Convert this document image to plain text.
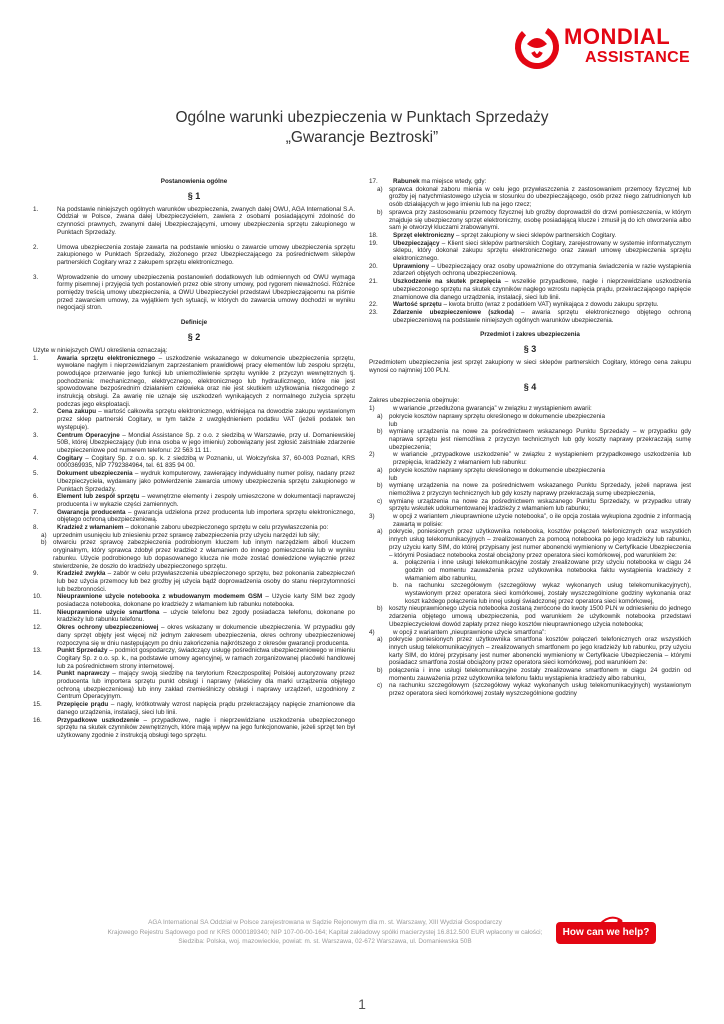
MONDIAL
ASSISTANCE
Ogólne warunki ubezpieczenia w Punktach Sprzedaży
„Gwarancje Beztroski”

Postanowienia ogólne

§ 1

1.	Na podstawie niniejszych ogólnych warunków ubezpieczenia, zwanych dalej OWU, AGA International S.A. Oddział w Polsce, zwana dalej Ubezpieczycielem, zawiera z osobami posiadającymi zdolność do czynności prawnych, zwanymi dalej Ubezpieczającymi, umowy ubezpieczenia sprzętu zakupionego w Punktach Sprzedaży.

2.	Umowa ubezpieczenia zostaje zawarta na podstawie wniosku o zawarcie umowy ubezpieczenia sprzętu zakupionego w Punktach Sprzedaży, złożonego przez Ubezpieczającego za pośrednictwem sklepów partnerskich Cogitary wraz z zakupem sprzętu elektronicznego.

3.	Wprowadzenie do umowy ubezpieczenia postanowień dodatkowych lub odmiennych od OWU wymaga formy pisemnej i przyjęcia tych postanowień przez obie strony umowy, pod rygorem nieważności. Różnice pomiędzy treścią umowy ubezpieczenia, a OWU Ubezpieczyciel przedstawi Ubezpieczającemu na piśmie przed zawarciem umowy, za wyjątkiem tych sytuacji, w których do zawarcia umowy dochodzi w wyniku negocjacji stron.

Definicje

§ 2

Użyte w niniejszych OWU określenia oznaczają:

1.	Awaria sprzętu elektronicznego – uszkodzenie wskazanego w dokumencie ubezpieczenia sprzętu, wywołane nagłym i nieprzewidzianym zaprzestaniem prawidłowej pracy elementów lub zespołu sprzętu, powodujące przerwanie jego funkcji lub uniemożliwienie sprzętu wynikłe z przyczyn wewnętrznych tj. pochodzenia: mechanicznego, elektrycznego, elektronicznego lub hydraulicznego, które nie jest spowodowane bezpośrednim działaniem człowieka oraz nie jest skutkiem użytkowania niezgodnego z instrukcją obsługi. Za awarię nie uznaje się uszkodzeń wynikających z normalnego zużycia sprzętu podczas jego eksploatacji.

2.	Cena zakupu – wartość całkowita sprzętu elektronicznego, widniejąca na dowodzie zakupu wystawionym przez sklep partnerski Cogitary, w tym także z uwzględnieniem podatku VAT (jeżeli podatek ten występuje).

3.	Centrum Operacyjne – Mondial Assistance Sp. z o.o. z siedzibą w Warszawie, przy ul. Domaniewskiej 50B, której Ubezpieczający (lub inna osoba w jego imieniu) zobowiązany jest zgłosić zaistniałe zdarzenie ubezpieczeniowe pod numerem telefonu: 22 563 11 11.

4.	Cogitary – Cogitary Sp. z o.o. sp. k. z siedzibą w Poznaniu, ul. Wołczyńska 37, 60-003 Poznań, KRS 0000369935, NIP 7792384964, tel. 61 835 94 00.

5.	Dokument ubezpieczenia – wydruk komputerowy, zawierający indywidualny numer polisy, nadany przez Ubezpieczyciela, wydawany jako potwierdzenie zawarcia umowy ubezpieczenia sprzętu zakupionego w Punktach Sprzedaży.

6.	Element lub zespół sprzętu – wewnętrzne elementy i zespoły umieszczone w dokumentacji naprawczej producenta i w wykazie części zamiennych.

7.	Gwarancja producenta – gwarancja udzielona przez producenta lub importera sprzętu elektronicznego, objętego ochroną ubezpieczeniową.

8.	Kradzież z włamaniem – dokonanie zaboru ubezpieczonego sprzętu w celu przywłaszczenia po:

a) uprzednim usunięciu lub zniesieniu przez sprawcę zabezpieczenia przy użyciu narzędzi lub siły;

b) otwarciu przez sprawcę zabezpieczenia podrobionym kluczem lub innym narzędziem albo/i kluczem oryginalnym, który sprawca zdobył przez kradzież z włamaniem do innego pomieszczenia lub w wyniku rabunku. Użycie podrobionego lub dopasowanego klucza nie może zostać dowiedzione wyłącznie przez stwierdzenie, że doszło do kradzieży ubezpieczonego sprzętu.

9.	Kradzież zwykła – zabór w celu przywłaszczenia ubezpieczonego sprzętu, bez pokonania zabezpieczeń lub bez użycia przemocy lub bez groźby jej użycia bądź doprowadzenia osoby do stanu nieprzytomności lub bezbronności.

10. Nieuprawnione użycie notebooka z wbudowanym modemem GSM – Użycie karty SIM bez zgody posiadacza notebooka, dokonane po kradzieży z włamaniem lub rabunku notebooka.

11. Nieuprawnione użycie smartfona – użycie telefonu bez zgody posiadacza telefonu, dokonane po kradzieży lub rabunku telefonu.

12. Okres ochrony ubezpieczeniowej – okres wskazany w dokumencie ubezpieczenia. W przypadku gdy dany sprzęt objęty jest więcej niż jednym zakresem ubezpieczenia, okres ochrony ubezpieczeniowej rozpoczyna się w dniu następującym po dniu zakończenia najkrótszego z okresów gwarancji producenta.

13. Punkt Sprzedaży – podmiot gospodarczy, świadczący usługę pośrednictwa ubezpieczeniowego w imieniu Cogitary Sp. z o.o. sp. k., na podstawie umowy agencyjnej, w ramach zorganizowanej placówki handlowej lub za pośrednictwem strony internetowej.

14. Punkt naprawczy – mający swoją siedzibę na terytorium Rzeczpospolitej Polskiej autoryzowany przez producenta lub importera sprzętu punkt obsługi i naprawy (właściwy dla marki urządzenia objętego ochroną ubezpieczeniową) lub inny zakład rzemieślniczy obsługi i naprawy urządzeń, uzgodniony z Centrum Operacyjnym.

15. Przepięcie prądu – nagły, krótkotrwały wzrost napięcia prądu przekraczający napięcie znamionowe dla danego urządzenia, instalacji, sieci lub linii.

16. Przypadkowe uszkodzenie – przypadkowe, nagłe i nieprzewidziane uszkodzenia ubezpieczonego sprzętu na skutek czynników zewnętrznych, które mają wpływ na jego funkcjonowanie, jeżeli sprzęt ten był użytkowany zgodnie z instrukcją obsługi tego sprzętu.

17. Rabunek ma miejsce wtedy, gdy:

a) sprawca dokonał zaboru mienia w celu jego przywłaszczenia z zastosowaniem przemocy fizycznej lub groźby jej natychmiastowego użycia w stosunku do ubezpieczającego, osób przez niego zatrudnionych lub osób działających w jego imieniu lub na jego rzecz;

b) sprawca przy zastosowaniu przemocy fizycznej lub groźby doprowadził do drzwi pomieszczenia, w którym znajduje się ubezpieczony sprzęt elektroniczny, osobę posiadającą klucze i zmusił ją do ich otworzenia albo sam je otworzył kluczami zrabowanymi.

18. Sprzęt elektroniczny – sprzęt zakupiony w sieci sklepów partnerskich Cogitary.

19. Ubezpieczający – Klient sieci sklepów partnerskich Cogitary, zarejestrowany w systemie informatycznym sklepu, który dokonał zakupu sprzętu elektronicznego oraz zawarł umowę ubezpieczenia sprzętu elektronicznego.

20. Uprawniony – Ubezpieczający oraz osoby upoważnione do otrzymania świadczenia w razie wystąpienia zdarzeń objętych ochroną ubezpieczeniową.

21. Uszkodzenie na skutek przepięcia – wszelkie przypadkowe, nagłe i nieprzewidziane uszkodzenia ubezpieczonego sprzętu na skutek czynników nagłego wzrostu napięcia prądu, przekraczającego napięcie znamionowe dla danego urządzenia, instalacji, sieci lub linii.

22. Wartość sprzętu – kwota brutto (wraz z podatkiem VAT) wynikająca z dowodu zakupu sprzętu.

23. Zdarzenie ubezpieczeniowe (szkoda) – awaria sprzętu elektronicznego objętego ochroną ubezpieczeniową na podstawie niniejszych ogólnych warunków ubezpieczenia.

Przedmiot i zakres ubezpieczenia

§ 3

Przedmiotem ubezpieczenia jest sprzęt zakupiony w sieci sklepów partnerskich Cogitary, którego cena zakupu wynosi co najmniej 100 PLN.

§ 4

Zakres ubezpieczenia obejmuje:

1)	w wariancie „przedłużona gwarancja” w związku z wystąpieniem awarii:

a) pokrycie kosztów naprawy sprzętu określonego w dokumencie ubezpieczenia

lub

b) wymianę urządzenia na nowe za pośrednictwem wskazanego Punktu Sprzedaży – w przypadku gdy naprawa sprzętu jest niemożliwa z przyczyn technicznych lub gdy koszty naprawy przekraczają sumę ubezpieczenia;

2)	w wariancie „przypadkowe uszkodzenie” w związku z wystąpieniem przypadkowego uszkodzenia lub przepięcia, kradzieży z włamaniem lub rabunku:

a) pokrycie kosztów naprawy sprzętu określonego w dokumencie ubezpieczenia

lub

b) wymianę urządzenia na nowe za pośrednictwem wskazanego Punktu Sprzedaży, jeżeli naprawa jest niemożliwa z przyczyn technicznych lub gdy koszty naprawy przekraczają sumę ubezpieczenia,

c) wymianę urządzenia na nowe za pośrednictwem wskazanego Punktu Sprzedaży, w przypadku utraty sprzętu wskutek udokumentowanej kradzieży z włamaniem lub rabunku;

3)	w opcji z wariantem „nieuprawnione użycie notebooka”, o ile opcja została wykupiona zgodnie z informacją zawartą w polisie:

a) pokrycie, poniesionych przez użytkownika notebooka, kosztów połączeń telefonicznych oraz wszystkich innych usług telekomunikacyjnych – zrealizowanych za pomocą notebooka po jego kradzieży lub rabunku, przy użyciu karty SIM, do której przypisany jest numer abonencki wymieniony w Certyfikacie Ubezpieczenia – którymi Posiadacz notebooka został obciążony przez operatora sieci komórkowej, pod warunkiem że:

a. połączenia i inne usługi telekomunikacyjne zostały zrealizowane przy użyciu notebooka w ciągu 24 godzin od momentu zauważenia przez użytkownika notebooka faktu wystąpienia kradzieży z włamaniem albo rabunku,

b. na rachunku szczegółowym (szczegółowy wykaz wykonanych usług telekomunikacyjnych), wystawionym przez operatora sieci komórkowej, zostały wyszczególnione godziny wykonania oraz koszt każdego połączenia lub innej usługi świadczonej przez operatora sieci komórkowej,

b) koszty nieuprawnionego użycia notebooka zostaną zwrócone do kwoty 1500 PLN w odniesieniu do jednego zdarzenia objętego umową ubezpieczenia, pod warunkiem że użytkownik notebooka przedstawi Ubezpieczycielowi dowód zapłaty przez niego kosztów nieuprawnionego użycia notebooka;

4)	w opcji z wariantem „nieuprawnione użycie smartfona”:

a) pokrycie poniesionych przez użytkownika smartfona kosztów połączeń telefonicznych oraz wszystkich innych usług telekomunikacyjnych – zrealizowanych smartfonem po jego kradzieży lub rabunku, przy użyciu karty SIM, do której przypisany jest numer abonencki wymieniony w Certyfikacie Ubezpieczenia – którymi posiadacz smartfona został obciążony przez operatora sieci komórkowej, pod warunkiem że:

b) połączenia i inne usługi telekomunikacyjne zostały zrealizowane smartfonem w ciągu 24 godzin od momentu zauważenia przez użytkownika telefonu faktu wystąpienia kradzieży albo rabunku,

c) na rachunku szczegółowym (szczegółowy wykaz wykonanych usług telekomunikacyjnych) wystawionym przez operatora sieci komórkowej zostały wyszczególnione godziny

AGA International SA Oddział w Polsce zarejestrowana w Sądzie Rejonowym dla m. st. Warszawy, XIII Wydział Gospodarczy
Krajowego Rejestru Sądowego pod nr KRS 0000189340; NIP 107-00-00-164; Kapitał zakładowy spółki macierzystej 16.812.500 EUR wpłacony w całości;
Siedziba: Polska, woj. mazowieckie, powiat: m. st. Warszawa, 02-672 Warszawa, ul. Domaniewska 50B
How can we help?
1
